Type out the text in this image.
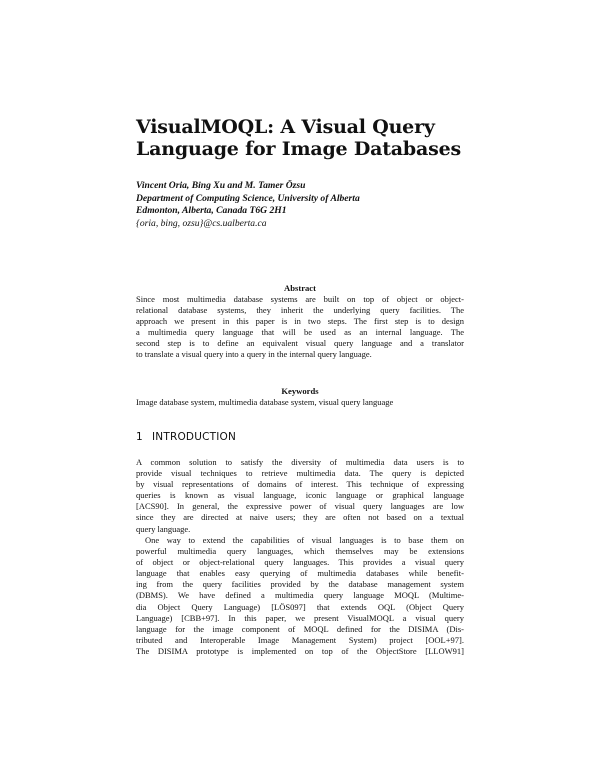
VisualMOQL: A Visual Query
Language for Image Databases
Vincent Oria, Bing Xu and M. Tamer Özsu
Department of Computing Science, University of Alberta
Edmonton, Alberta, Canada T6G 2H1
{oria, bing, ozsu}@cs.ualberta.ca
Abstract
Since most multimedia database systems are built on top of object or object-
relational database systems, they inherit the underlying query facilities. The
approach we present in this paper is in two steps. The first step is to design
a multimedia query language that will be used as an internal language. The
second step is to define an equivalent visual query language and a translator
to translate a visual query into a query in the internal query language.
Keywords
Image database system, multimedia database system, visual query language
1 INTRODUCTION
A common solution to satisfy the diversity of multimedia data users is to
provide visual techniques to retrieve multimedia data. The query is depicted
by visual representations of domains of interest. This technique of expressing
queries is known as visual language, iconic language or graphical language
[ACS90]. In general, the expressive power of visual query languages are low
since they are directed at naive users; they are often not based on a textual
query language.
One way to extend the capabilities of visual languages is to base them on
powerful multimedia query languages, which themselves may be extensions
of object or object-relational query languages. This provides a visual query
language that enables easy querying of multimedia databases while benefit-
ing from the query facilities provided by the database management system
(DBMS). We have defined a multimedia query language MOQL (Multime-
dia Object Query Language) [LÖS097] that extends OQL (Object Query
Language) [CBB+97]. In this paper, we present VisualMOQL a visual query
language for the image component of MOQL defined for the DISIMA (Dis-
tributed and Interoperable Image Management System) project [OOL+97].
The DISIMA prototype is implemented on top of the ObjectStore [LLOW91]
